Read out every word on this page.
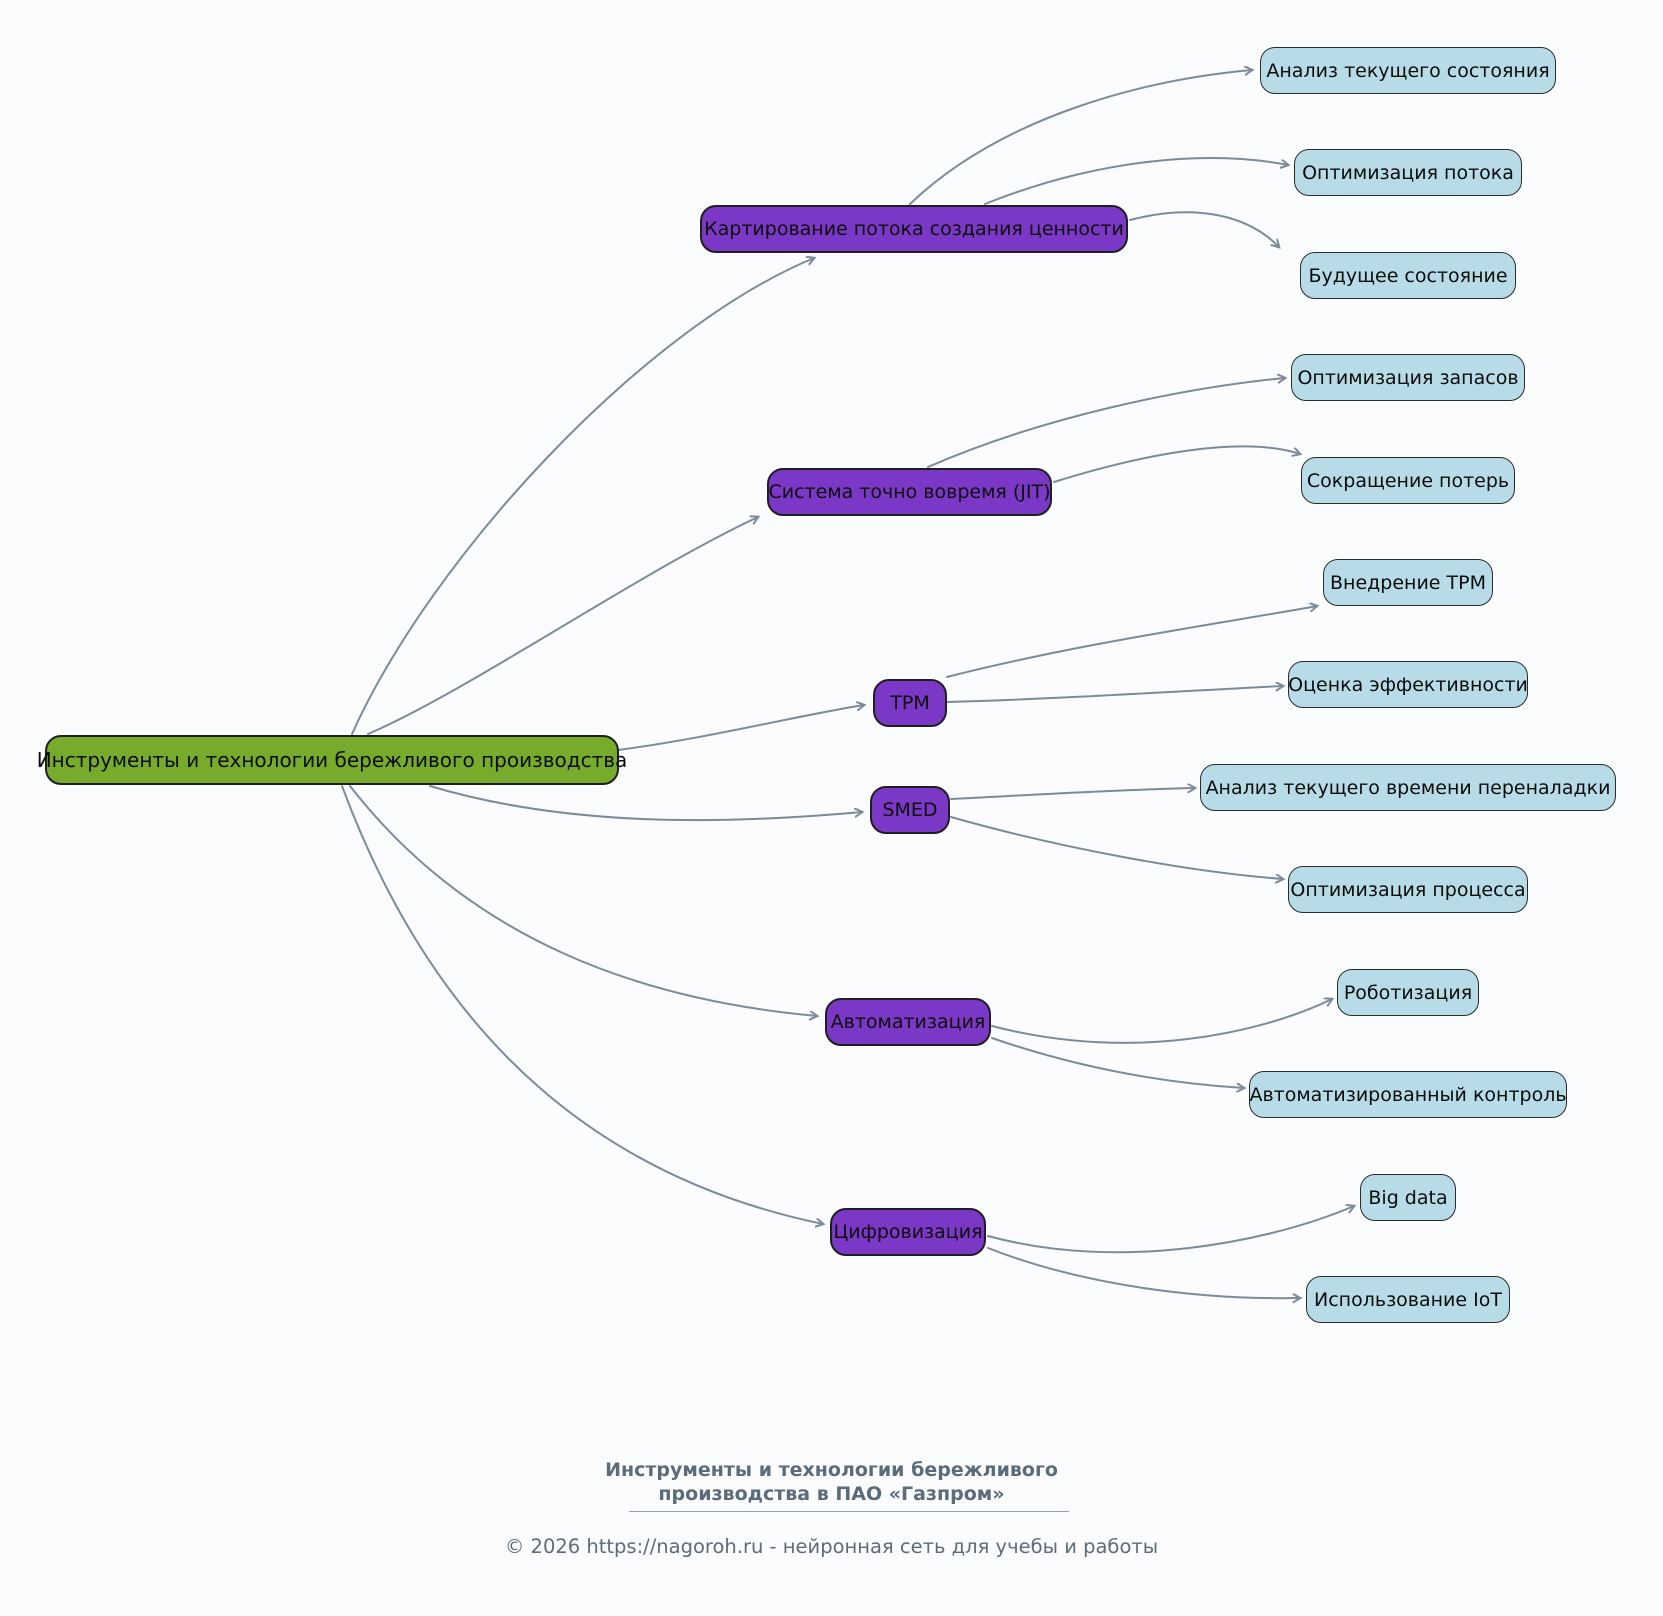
Инструменты и технологии бережливого производства
Картирование потока создания ценности
Система точно вовремя (JIT)
TPM
SMED
Автоматизация
Цифровизация
Анализ текущего состояния
Оптимизация потока
Будущее состояние
Оптимизация запасов
Сокращение потерь
Внедрение TPM
Оценка эффективности
Анализ текущего времени переналадки
Оптимизация процесса
Роботизация
Автоматизированный контроль
Big data
Использование IoT
Инструменты и технологии бережливого
производства в ПАО «Газпром»
© 2026 https://nagoroh.ru - нейронная сеть для учебы и работы
